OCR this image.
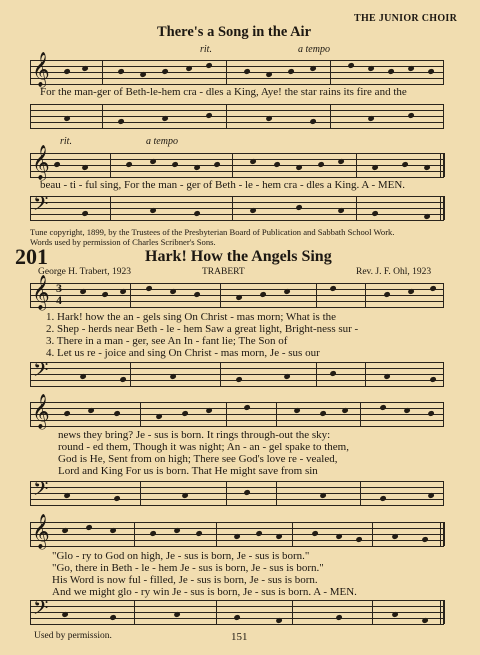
There's a Song in the Air
THE JUNIOR CHOIR
𝄞
rit.	a tempo
For the man-ger of Beth-le-hem cra - dles a King, Aye! the star rains its fire and the
rit.	a tempo
𝄞
beau - ti - ful sing, For the man - ger of Beth - le - hem cra - dles a King. A - MEN.
𝄢
Tune copyright, 1899, by the Trustees of the Presbyterian Board of Publication and Sabbath School Work.
Words used by permission of Charles Scribner's Sons.
201	Hark! How the Angels Sing
George H. Trabert, 1923	TRABERT	Rev. J. F. Ohl, 1923
𝄞 3
4
1. Hark! how the an - gels sing On Christ - mas morn; What is the
2. Shep - herds near Beth - le - hem Saw a great light, Bright-ness sur -
3. There in a man - ger, see An In - fant lie; The Son of
4. Let us re - joice and sing On Christ - mas morn, Je - sus our
𝄢
𝄞
news they bring? Je - sus is born. It rings through-out the sky:
round - ed them, Though it was night; An - an - gel spake to them,
God is He, Sent from on high; There see God's love re - vealed,
Lord and King For us is born. That He might save from sin
𝄢
𝄞
"Glo - ry to God on high, Je - sus is born, Je - sus is born."
"Go, there in Beth - le - hem Je - sus is born, Je - sus is born."
His Word is now ful - filled, Je - sus is born, Je - sus is born.
And we might glo - ry win Je - sus is born, Je - sus is born. A - MEN.
𝄢
Used by permission.	151
